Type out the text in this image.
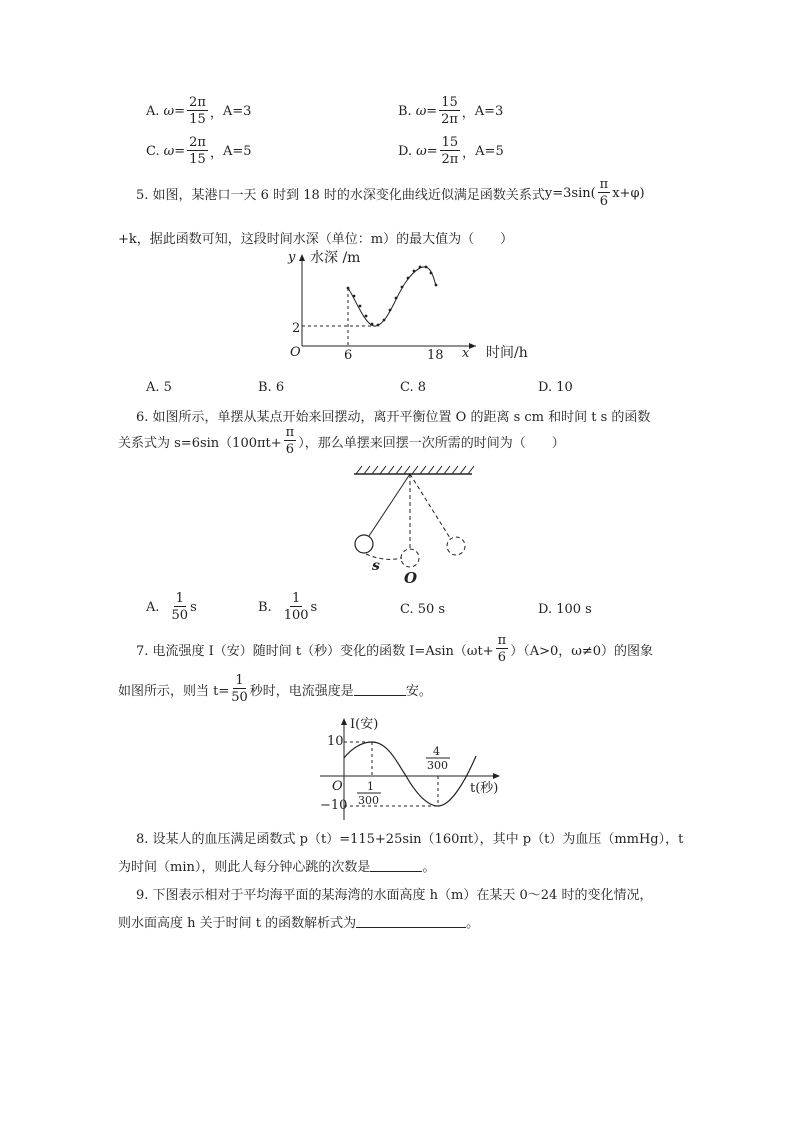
A. $\omega= \frac{2\pi}{15}$ ， A=3	B. $\omega= \frac{15}{2\pi}$ ， A=3
C. $\omega= \frac{2\pi}{15}$ ， A=5	D. $\omega= \frac{15}{2\pi}$ ， A=5
5. 如图，某港口一天 6 时到 18 时的水深变化曲线近似满足函数关系式 $y=3\sin( \frac{\pi}{6} x+\varphi)$
+k，据此函数可知，这段时间水深（单位：m）的最大值为（　　）
y 水深 /m
2
O	6	18 x 时间/h
A. 5	B. 6	C. 8	D. 10
6. 如图所示，单摆从某点开始来回摆动，离开平衡位置 O 的距离 s cm 和时间 t s 的函数
关系式为 $s=6\sin(100\pi t+ \frac{\pi}{6}$ ），那么单摆来回摆一次所需的时间为（　　）
s
O
A. $\frac{1}{50}$ s	B. $\frac{1}{100}$ s	C. 50 s	D. 100 s
7. 电流强度 I（安）随时间 t（秒）变化的函数 $I=Asin(\omega t+ \frac{\pi}{6} )(A>0$，ω≠0）的图象
如图所示，则当 $t= \frac{1}{50}$ 秒时，电流强度是	安。
I(安)
10
−10
O	t(秒)
1
300
4
300
8. 设某人的血压满足函数式 p（t）=115+25sin（160πt），其中 p（t）为血压（mmHg），t
为时间（min），则此人每分钟心跳的次数是	。
9. 下图表示相对于平均海平面的某海湾的水面高度 h（m）在某天 0～24 时的变化情况，
则水面高度 h 关于时间 t 的函数解析式为	。
